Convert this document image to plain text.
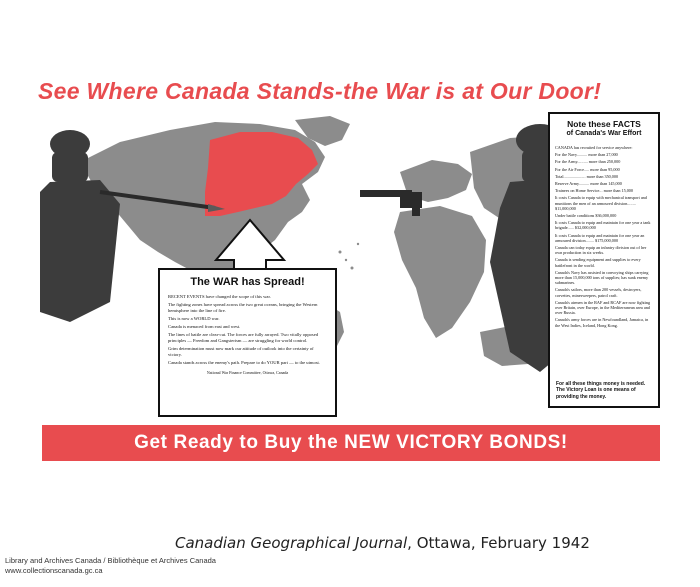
See Where Canada Stands-the War is at Our Door!
The WAR has Spread!

RECENT EVENTS have changed the scope of this war.

The fighting zones have spread across the two great oceans, bringing the Western hemisphere into the line of fire.

This is now a WORLD war.

Canada is menaced from east and west.

The lines of battle are clear-cut. The forces are fully arrayed. Two vitally opposed principles — Freedom and Gangsterism — are struggling for world control.

Grim determination must now mark our attitude of outlook into the certainty of victory.

Canada stands across the enemy's path. Prepare to do YOUR part — to the utmost.

National War Finance Committee, Ottawa, Canada

Note these FACTS
of Canada's War Effort
CANADA has recruited for service anywhere:
For the Navy.......... more than 27,000
For the Army.......... more than 250,000
For the Air Force..... more than 95,000
Total..................... more than 350,000
Reserve Army.......... more than 145,000
Trainees on Home Service... more than 15,000
It costs Canada to equip with mechanical transport and munitions the men of an armoured division........ $11,000,000
Under battle conditions $36,000,000
It costs Canada to equip and maintain for one year a tank brigade...... $32,000,000
It costs Canada to equip and maintain for one year an armoured division........ $175,000,000
Canada can today equip an infantry division out of her own production in six weeks.
Canada is sending equipment and supplies to every battlefront in the world.
Canada's Navy has assisted in convoying ships carrying more than 15,000,000 tons of supplies; has sunk enemy submarines.
Canada's sailors, more than 200 vessels, destroyers, corvettes, minesweepers, patrol craft.
Canada's airmen in the RAF and RCAF are now fighting over Britain, over Europe, in the Mediterranean area and over Russia.
Canada's army forces are in Newfoundland, Jamaica, in the West Indies, Iceland, Hong Kong.
For all these things money is needed. The Victory Loan is one means of providing the money.
Get Ready to Buy the NEW VICTORY BONDS!
Canadian Geographical Journal, Ottawa, February 1942
Library and Archives Canada / Bibliothèque et Archives Canada
www.collectionscanada.gc.ca
